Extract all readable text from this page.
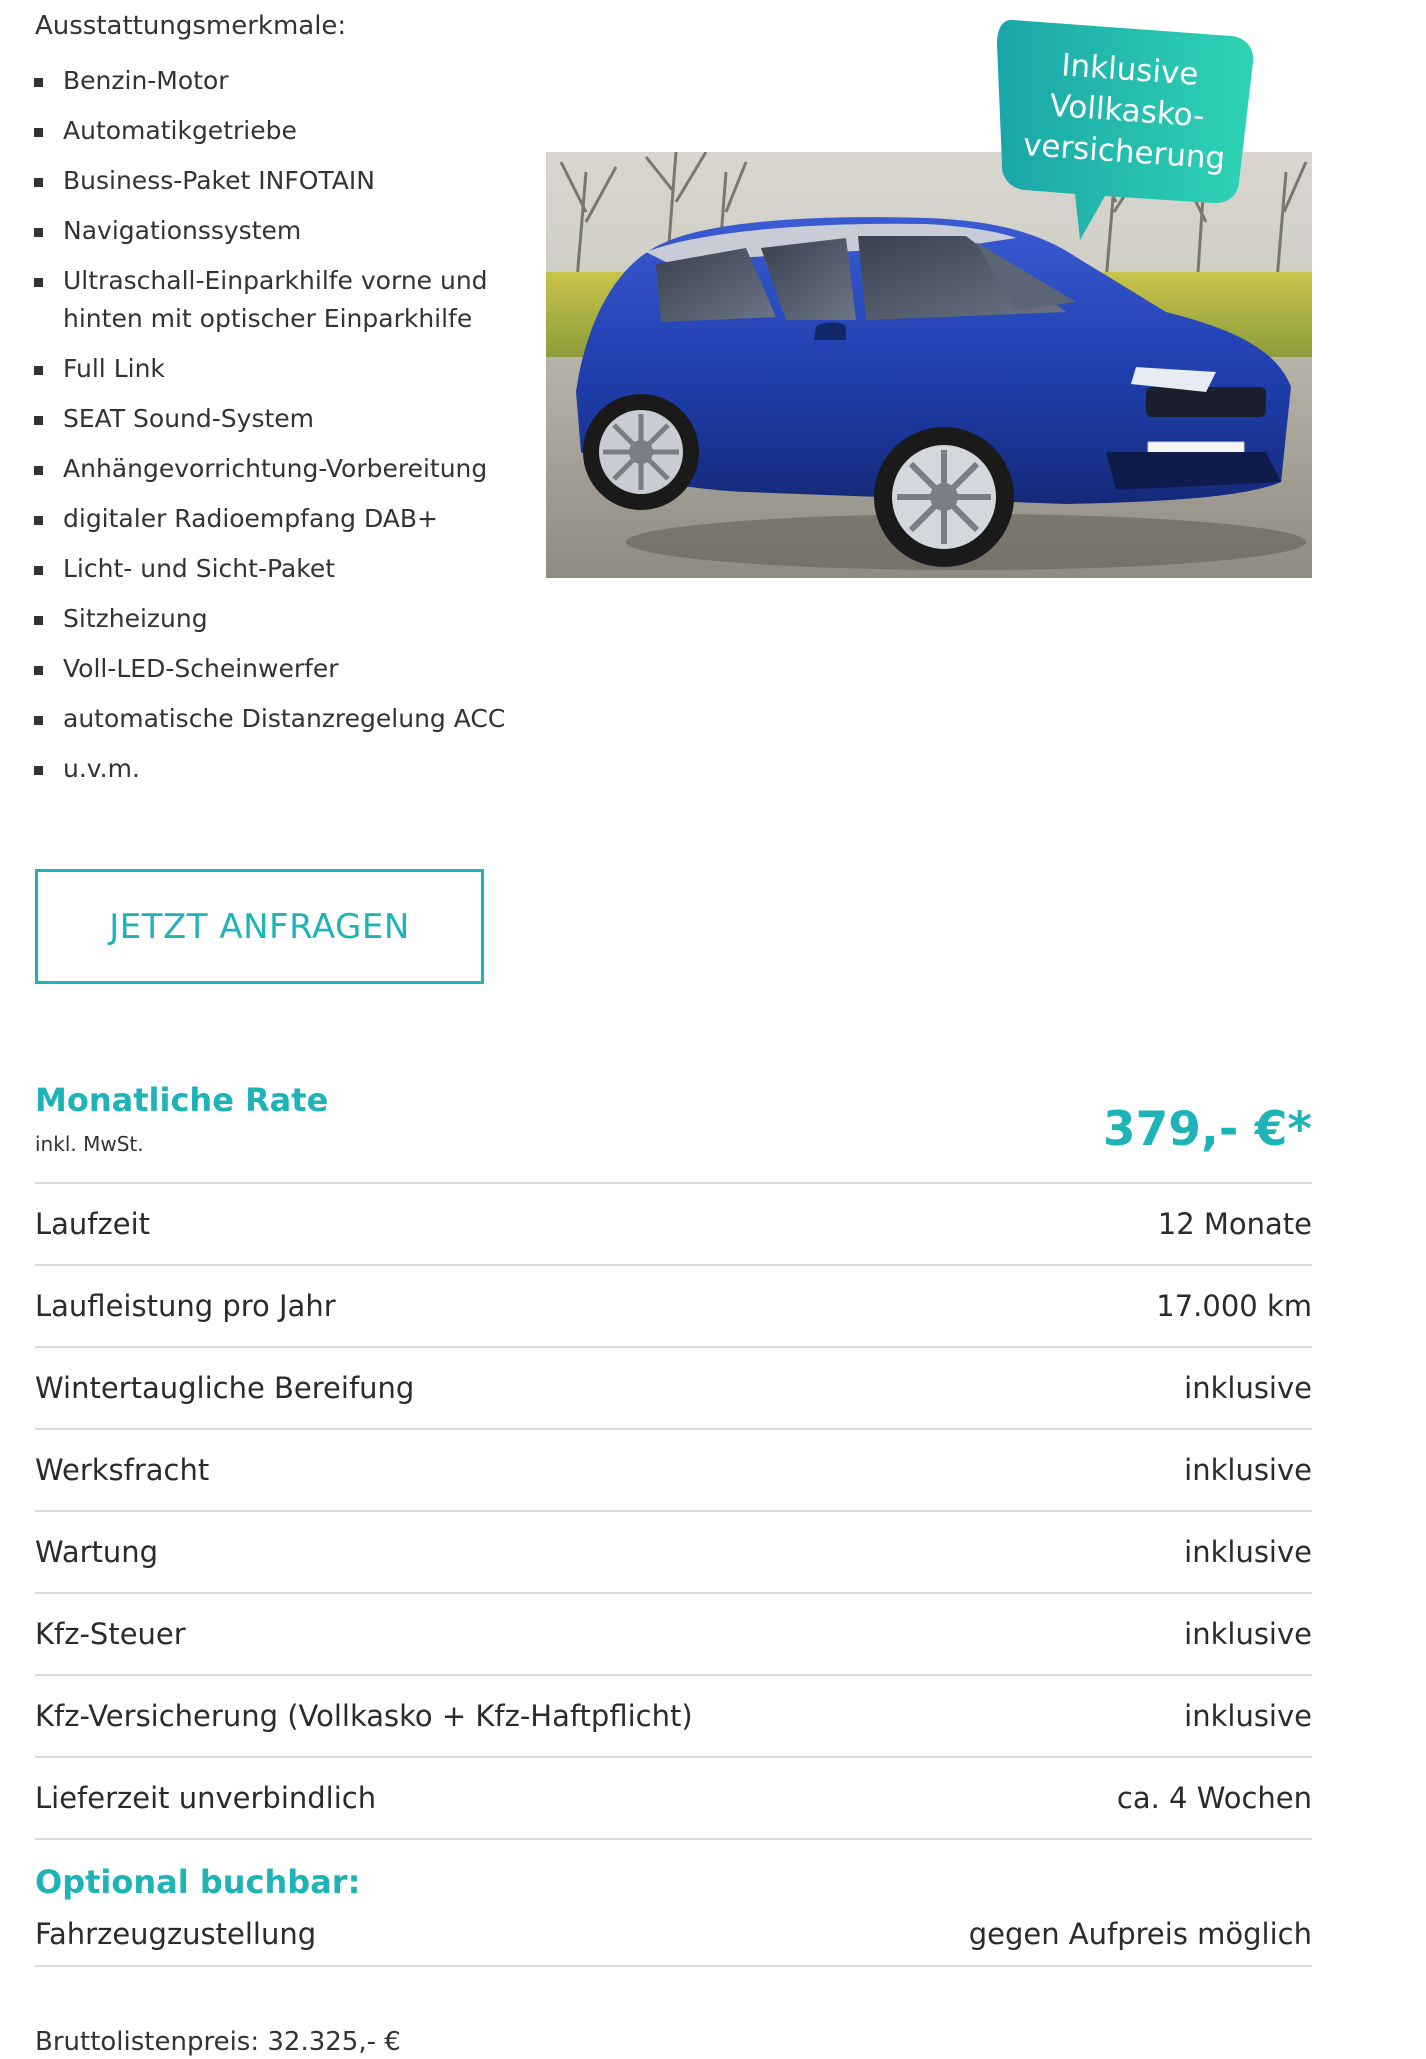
Ausstattungsmerkmale:
Benzin-Motor
Automatikgetriebe
Business-Paket INFOTAIN
Navigationssystem
Ultraschall-Einparkhilfe vorne und hinten mit optischer Einparkhilfe
Full Link
SEAT Sound-System
Anhängevorrichtung-Vorbereitung
digitaler Radioempfang DAB+
Licht- und Sicht-Paket
Sitzheizung
Voll-LED-Scheinwerfer
automatische Distanzregelung ACC
u.v.m.
JETZT ANFRAGEN
Inklusive
Vollkasko-
versicherung
Monatliche Rate
inkl. MwSt.	379,- €*
Laufzeit	12 Monate
Laufleistung pro Jahr	17.000 km
Wintertaugliche Bereifung	inklusive
Werksfracht	inklusive
Wartung	inklusive
Kfz-Steuer	inklusive
Kfz-Versicherung (Vollkasko + Kfz-Haftpflicht)	inklusive
Lieferzeit unverbindlich	ca. 4 Wochen
Optional buchbar:
Fahrzeugzustellung	gegen Aufpreis möglich
Bruttolistenpreis: 32.325,- €
